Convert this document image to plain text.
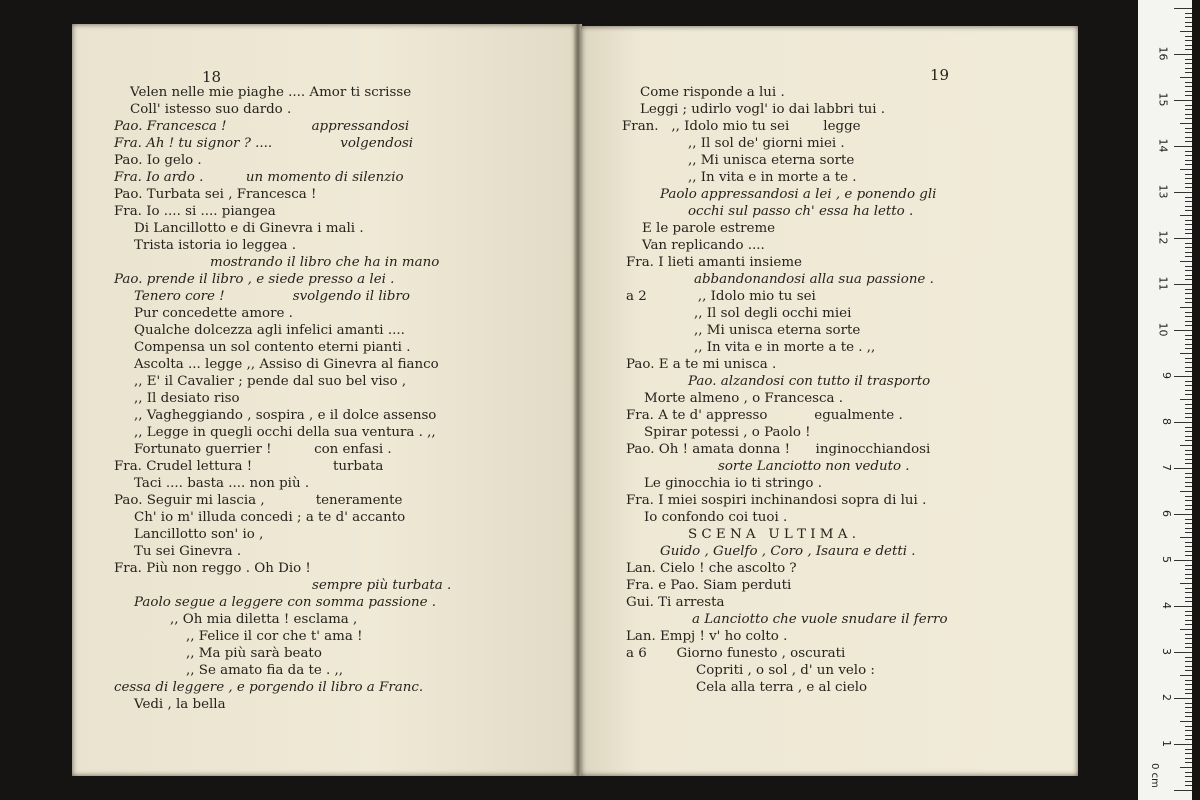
18	19
Velen nelle mie piaghe .... Amor ti scrisse
Coll' istesso suo dardo .
Pao. Francesca !                    appressandosi
Fra. Ah ! tu signor ? ....                volgendosi
Pao. Io gelo .
Fra. Io ardo .          un momento di silenzio
Pao. Turbata sei , Francesca !
Fra. Io .... si .... piangea
Di Lancillotto e di Ginevra i mali .
Trista istoria io leggea .
mostrando il libro che ha in mano
Pao. prende il libro , e siede presso a lei .
Tenero core !                svolgendo il libro
Pur concedette amore .
Qualche dolcezza agli infelici amanti ....
Compensa un sol contento eterni pianti .
Ascolta ... legge ,, Assiso di Ginevra al fianco
,, E' il Cavalier ; pende dal suo bel viso ,
,, Il desiato riso
,, Vagheggiando , sospira , e il dolce assenso
,, Legge in quegli occhi della sua ventura . ,,
Fortunato guerrier !          con enfasi .
Fra. Crudel lettura !                   turbata
Taci .... basta .... non più .
Pao. Seguir mi lascia ,            teneramente
Ch' io m' illuda concedi ; a te d' accanto
Lancillotto son' io ,
Tu sei Ginevra .
Fra. Più non reggo . Oh Dio !
sempre più turbata .
Paolo segue a leggere con somma passione .
,, Oh mia diletta ! esclama ,
,, Felice il cor che t' ama !
,, Ma più sarà beato
,, Se amato fia da te . ,,
cessa di leggere , e porgendo il libro a Franc.
Vedi , la bella
Come risponde a lui .
Leggi ; udirlo vogl' io dai labbri tui .
Fran.   ,, Idolo mio tu sei        legge
,, Il sol de' giorni miei .
,, Mi unisca eterna sorte
,, In vita e in morte a te .
Paolo appressandosi a lei , e ponendo gli
occhi sul passo ch' essa ha letto .
E le parole estreme
Van replicando ....
Fra. I lieti amanti insieme
abbandonandosi alla sua passione .
a 2            ,, Idolo mio tu sei
,, Il sol degli occhi miei
,, Mi unisca eterna sorte
,, In vita e in morte a te . ,,
Pao. E a te mi unisca .
Pao. alzandosi con tutto il trasporto
Morte almeno , o Francesca .
Fra. A te d' appresso           egualmente .
Spirar potessi , o Paolo !
Pao. Oh ! amata donna !      inginocchiandosi
sorte Lanciotto non veduto .
Le ginocchia io ti stringo .
Fra. I miei sospiri inchinandosi sopra di lui .
Io confondo coi tuoi .
S C E N A   U L T I M A .
Guido , Guelfo , Coro , Isaura e detti .
Lan. Cielo ! che ascolto ?
Fra. e Pao. Siam perduti
Gui. Ti arresta
a Lanciotto che vuole snudare il ferro
Lan. Empj ! v' ho colto .
a 6       Giorno funesto , oscurati
Copriti , o sol , d' un velo :
Cela alla terra , e al cielo
1
2
3
4
5
6
7
8
9
10
11
12
13
14
15
16
0 cm
